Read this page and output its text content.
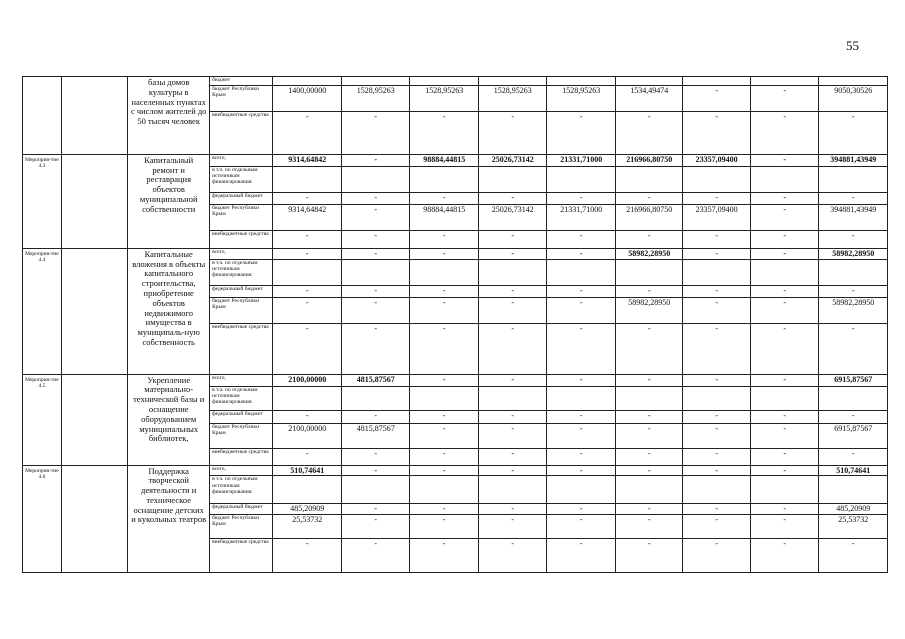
55
		базы домов культуры в населенных пунктах с числом жителей до 50 тысяч человек	бюджет									
			бюджет Республики Крым	1400,00000	1528,95263	1528,95263	1528,95263	1528,95263	1534,49474	-	-	9050,30526
			внебюджетные средства	-	-	-	-	-	-	-	-	-
Мероприя-тие 4.3		Капитальный ремонт и реставрация объектов муниципальной собственности	всего,	9314,64842	-	98884,44815	25026,73142	21331,71000	216966,80750	23357,09400	-	394881,43949
			в т.ч. по отдельным источникам финансирования:									
			федеральный бюджет	-	-	-	-	-	-	-	-	-
			бюджет Республики Крым	9314,64842	-	98884,44815	25026,73142	21331,71000	216966,80750	23357,09400	-	394881,43949
			внебюджетные средства	-	-	-	-	-	-	-	-	-
Мероприя-тие 4.4		Капитальные вложения в объекты капитального строительства, приобретение объектов недвижимого имущества в муниципаль-ную собственность	всего,	-	-	-	-	-	58982,28950	-	-	58982,28950
			в т.ч. по отдельным источникам финансирования:									
			федеральный бюджет	-	-	-	-	-	-	-	-	-
			бюджет Республики Крым	-	-	-	-	-	58982,28950	-	-	58982,28950
			внебюджетные средства	-	-	-	-	-	-	-	-	-
Мероприя-тие 4.5		Укрепление материально-технической базы и оснащение оборудованием муниципальных библиотек,	всего,	2100,00000	4815,87567	-	-	-	-	-	-	6915,87567
			в т.ч. по отдельным источникам финансирования:									
			федеральный бюджет	-	-	-	-	-	-	-	-	-
			бюджет Республики Крым	2100,00000	4815,87567	-	-	-	-	-	-	6915,87567
			внебюджетные средства	-	-	-	-	-	-	-	-	-
Мероприя-тие 4.6		Поддержка творческой деятельности и техническое оснащение детских и кукольных театров	всего,	510,74641	-	-	-	-	-	-	-	510,74641
			в т.ч. по отдельным источникам финансирования:									
			федеральный бюджет	485,20909	-	-	-	-	-	-	-	485,20909
			бюджет Республики Крым	25,53732	-	-	-	-	-	-	-	25,53732
			внебюджетные средства	-	-	-	-	-	-	-	-	-
